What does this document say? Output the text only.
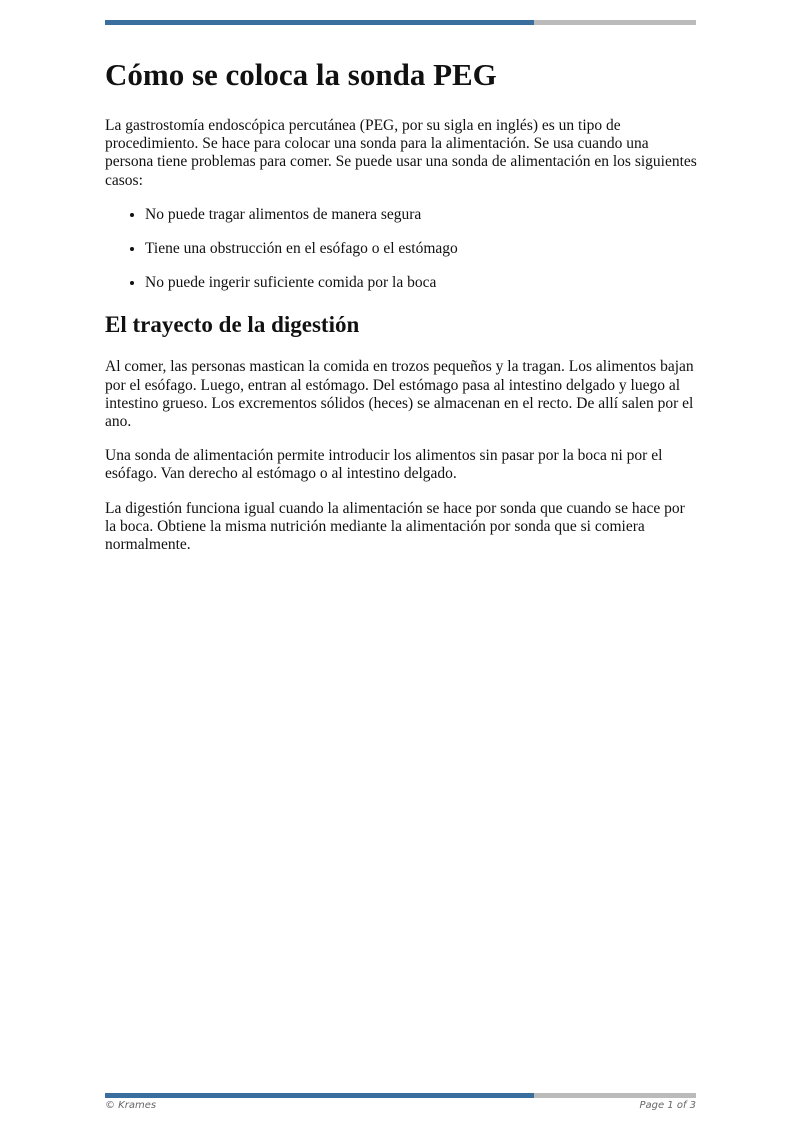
Cómo se coloca la sonda PEG

La gastrostomía endoscópica percutánea (PEG, por su sigla en inglés) es un tipo de procedimiento. Se hace para colocar una sonda para la alimentación. Se usa cuando una persona tiene problemas para comer. Se puede usar una sonda de alimentación en los siguientes casos:

• No puede tragar alimentos de manera segura
• Tiene una obstrucción en el esófago o el estómago
• No puede ingerir suficiente comida por la boca
El trayecto de la digestión

Al comer, las personas mastican la comida en trozos pequeños y la tragan. Los alimentos bajan por el esófago. Luego, entran al estómago. Del estómago pasa al intestino delgado y luego al intestino grueso. Los excrementos sólidos (heces) se almacenan en el recto. De allí salen por el ano.

Una sonda de alimentación permite introducir los alimentos sin pasar por la boca ni por el esófago. Van derecho al estómago o al intestino delgado.

La digestión funciona igual cuando la alimentación se hace por sonda que cuando se hace por la boca. Obtiene la misma nutrición mediante la alimentación por sonda que si comiera normalmente.

© Krames	Page 1 of 3
